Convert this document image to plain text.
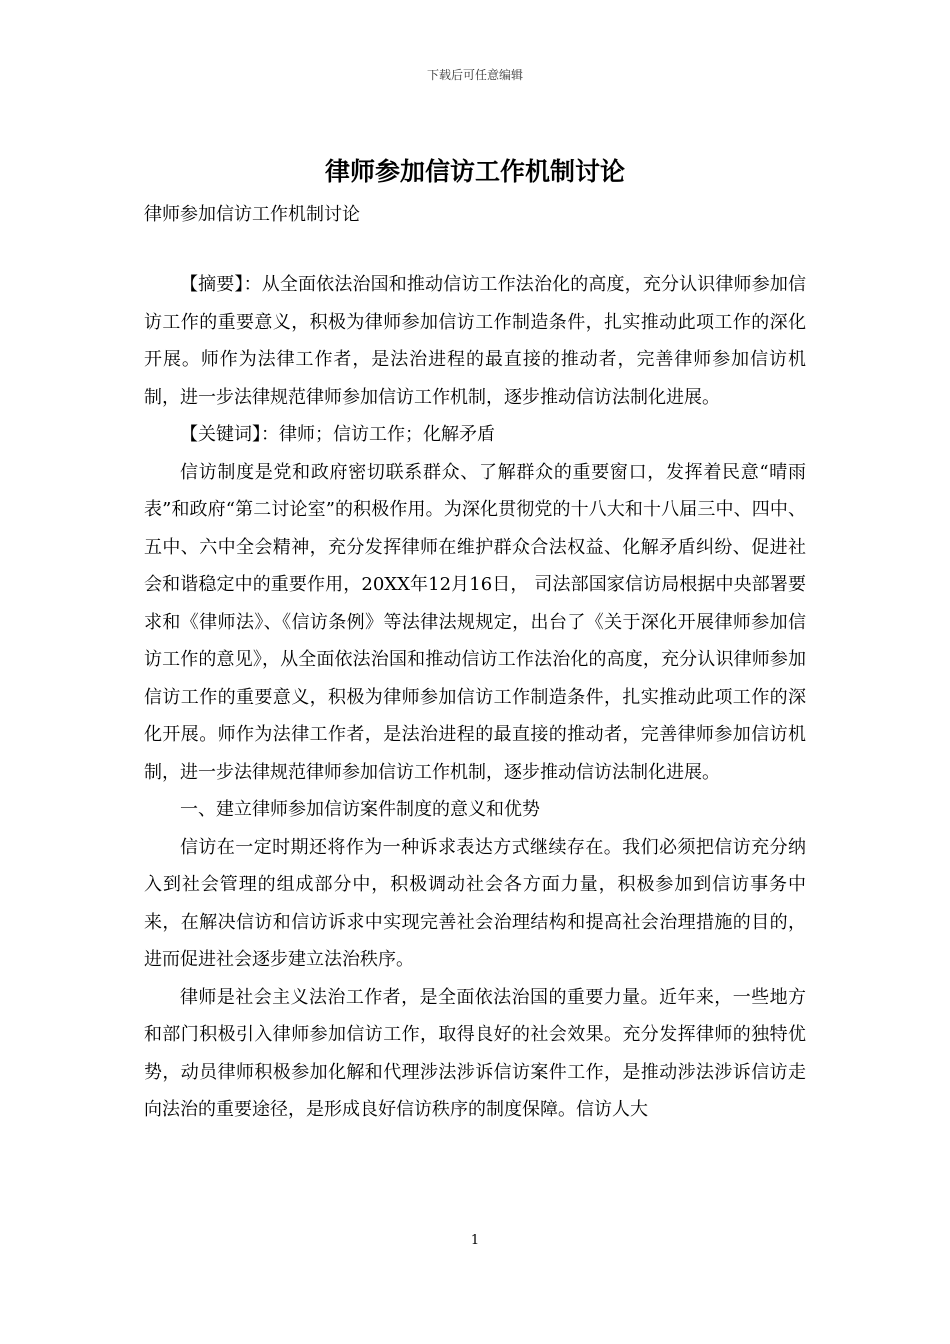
下载后可任意编辑
律师参加信访工作机制讨论
律师参加信访工作机制讨论

【摘要】：从全面依法治国和推动信访工作法治化的高度，充分认识律师参加信访工作的重要意义，积极为律师参加信访工作制造条件，扎实推动此项工作的深化开展。师作为法律工作者，是法治进程的最直接的推动者，完善律师参加信访机制，进一步法律规范律师参加信访工作机制，逐步推动信访法制化进展。

【关键词】：律师；信访工作；化解矛盾

信访制度是党和政府密切联系群众、了解群众的重要窗口，发挥着民意“晴雨表”和政府“第二讨论室”的积极作用。为深化贯彻党的十八大和十八届三中、四中、五中、六中全会精神，充分发挥律师在维护群众合法权益、化解矛盾纠纷、促进社会和谐稳定中的重要作用，20XX年12月16日， 司法部国家信访局根据中央部署要求和《律师法》、《信访条例》等法律法规规定，出台了《关于深化开展律师参加信访工作的意见》，从全面依法治国和推动信访工作法治化的高度，充分认识律师参加信访工作的重要意义，积极为律师参加信访工作制造条件，扎实推动此项工作的深化开展。师作为法律工作者，是法治进程的最直接的推动者，完善律师参加信访机制，进一步法律规范律师参加信访工作机制，逐步推动信访法制化进展。

一、建立律师参加信访案件制度的意义和优势

信访在一定时期还将作为一种诉求表达方式继续存在。我们必须把信访充分纳入到社会管理的组成部分中，积极调动社会各方面力量，积极参加到信访事务中来，在解决信访和信访诉求中实现完善社会治理结构和提高社会治理措施的目的，进而促进社会逐步建立法治秩序。

律师是社会主义法治工作者，是全面依法治国的重要力量。近年来，一些地方和部门积极引入律师参加信访工作，取得良好的社会效果。充分发挥律师的独特优势，动员律师积极参加化解和代理涉法涉诉信访案件工作，是推动涉法涉诉信访走向法治的重要途径，是形成良好信访秩序的制度保障。信访人大

1
